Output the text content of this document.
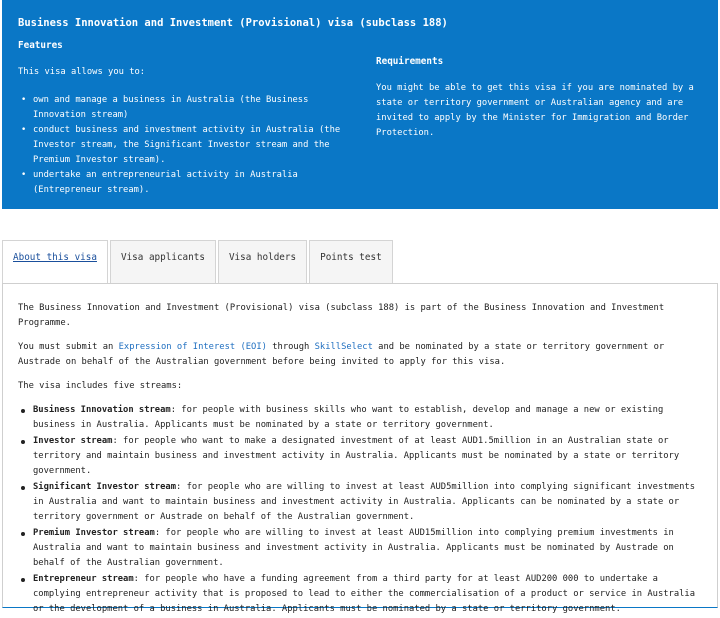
Business Innovation and Investment (Provisional) visa (subclass 188)
Features

This visa allows you to:

• own and manage a business in Australia (the Business Innovation stream)
• conduct business and investment activity in Australia (the Investor stream, the Significant Investor stream and the Premium Investor stream).
• undertake an entrepreneurial activity in Australia (Entrepreneur stream).
Requirements

You might be able to get this visa if you are nominated by a state or territory government or Australian agency and are invited to apply by the Minister for Immigration and Border Protection.

About this visa	Visa applicants	Visa holders	Points test

The Business Innovation and Investment (Provisional) visa (subclass 188) is part of the Business Innovation and Investment Programme.

You must submit an Expression of Interest (EOI) through SkillSelect and be nominated by a state or territory government or Austrade on behalf of the Australian government before being invited to apply for this visa.

The visa includes five streams:

Business Innovation stream: for people with business skills who want to establish, develop and manage a new or existing business in Australia. Applicants must be nominated by a state or territory government.
Investor stream: for people who want to make a designated investment of at least AUD1.5million in an Australian state or territory and maintain business and investment activity in Australia. Applicants must be nominated by a state or territory government.
Significant Investor stream: for people who are willing to invest at least AUD5million into complying significant investments in Australia and want to maintain business and investment activity in Australia. Applicants can be nominated by a state or territory government or Austrade on behalf of the Australian government.
Premium Investor stream: for people who are willing to invest at least AUD15million into complying premium investments in Australia and want to maintain business and investment activity in Australia. Applicants must be nominated by Austrade on behalf of the Australian government.
Entrepreneur stream: for people who have a funding agreement from a third party for at least AUD200 000 to undertake a complying entrepreneur activity that is proposed to lead to either the commercialisation of a product or service in Australia or the development of a business in Australia. Applicants must be nominated by a state or territory government.
